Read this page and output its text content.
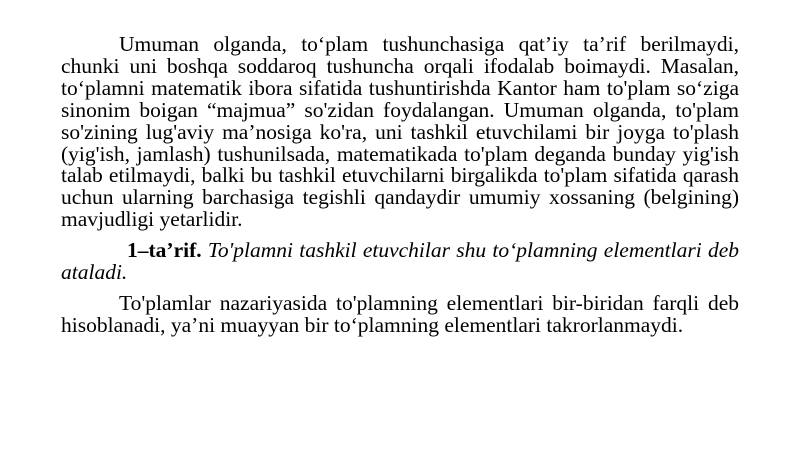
Umuman olganda, to‘plam tushunchasiga qat’iy ta’rif berilmaydi, chunki uni boshqa soddaroq tushuncha orqali ifodalab boimaydi. Masalan, to‘plamni matematik ibora sifatida tushuntirishda Kantor ham to'plam so‘ziga sinonim boigan “majmua” so'zidan foydalangan. Umuman olganda, to'plam so'zining lug'aviy ma’nosiga ko'ra, uni tashkil etuvchilami bir joyga to'plash (yig'ish, jamlash) tushunilsada, matematikada to'plam deganda bunday yig'ish talab etilmaydi, balki bu tashkil etuvchilarni birgalikda to'plam sifatida qarash uchun ularning barchasiga tegishli qandaydir umumiy xossaning (belgining) mavjudligi yetarlidir.

1–ta’rif. To'plamni tashkil etuvchilar shu to‘plamning elementlari deb ataladi.

To'plamlar nazariyasida to'plamning elementlari bir-biridan farqli deb hisoblanadi, ya’ni muayyan bir to‘plamning elementlari takrorlanmaydi.
